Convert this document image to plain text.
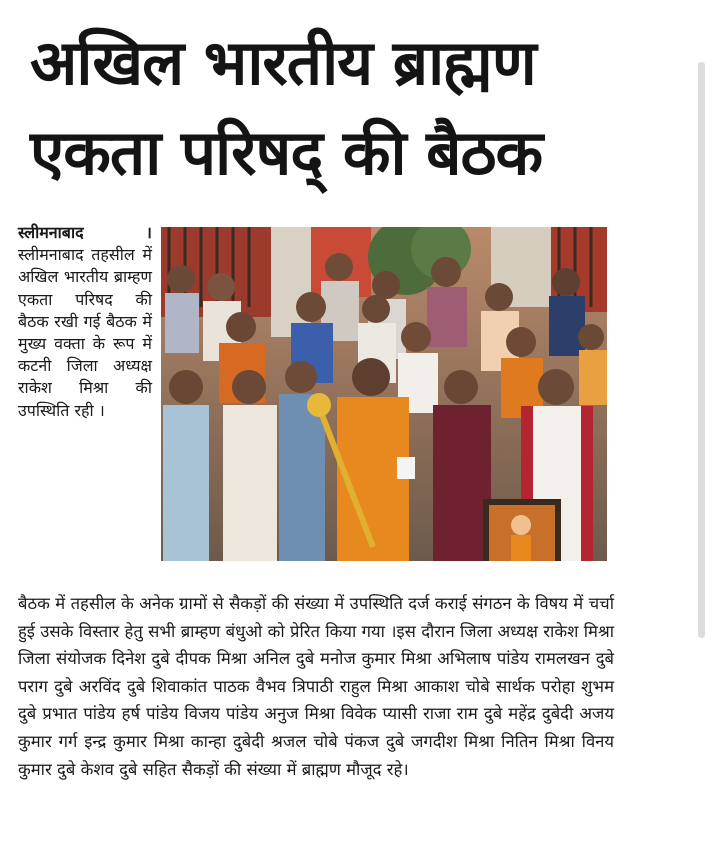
अखिल भारतीय ब्राह्मण
एकता परिषद् की बैठक
स्लीमनाबाद ।
स्लीमनाबाद तहसील में अखिल भारतीय ब्राम्हण एकता परिषद की बैठक रखी गई बैठक में मुख्य वक्ता के रूप में कटनी जिला अध्यक्ष राकेश मिश्रा की उपस्थिति रही ।
बैठक में तहसील के अनेक ग्रामों से सैकड़ों की संख्या में उपस्थिति दर्ज कराई संगठन के विषय में चर्चा हुई उसके विस्तार हेतु सभी ब्राम्हण बंधुओ को प्रेरित किया गया ।इस दौरान जिला अध्यक्ष राकेश मिश्रा जिला संयोजक दिनेश दुबे दीपक मिश्रा अनिल दुबे मनोज कुमार मिश्रा अभिलाष पांडेय रामलखन दुबे पराग दुबे अरविंद दुबे शिवाकांत पाठक वैभव त्रिपाठी राहुल मिश्रा आकाश चोबे सार्थक परोहा शुभम दुबे प्रभात पांडेय हर्ष पांडेय विजय पांडेय अनुज मिश्रा विवेक प्यासी राजा राम दुबे महेंद्र दुबेदी अजय कुमार गर्ग इन्द्र कुमार मिश्रा कान्हा दुबेदी श्रजल चोबे पंकज दुबे जगदीश मिश्रा नितिन मिश्रा विनय कुमार दुबे केशव दुबे सहित सैकड़ों की संख्या में ब्राह्मण मौजूद रहे।
